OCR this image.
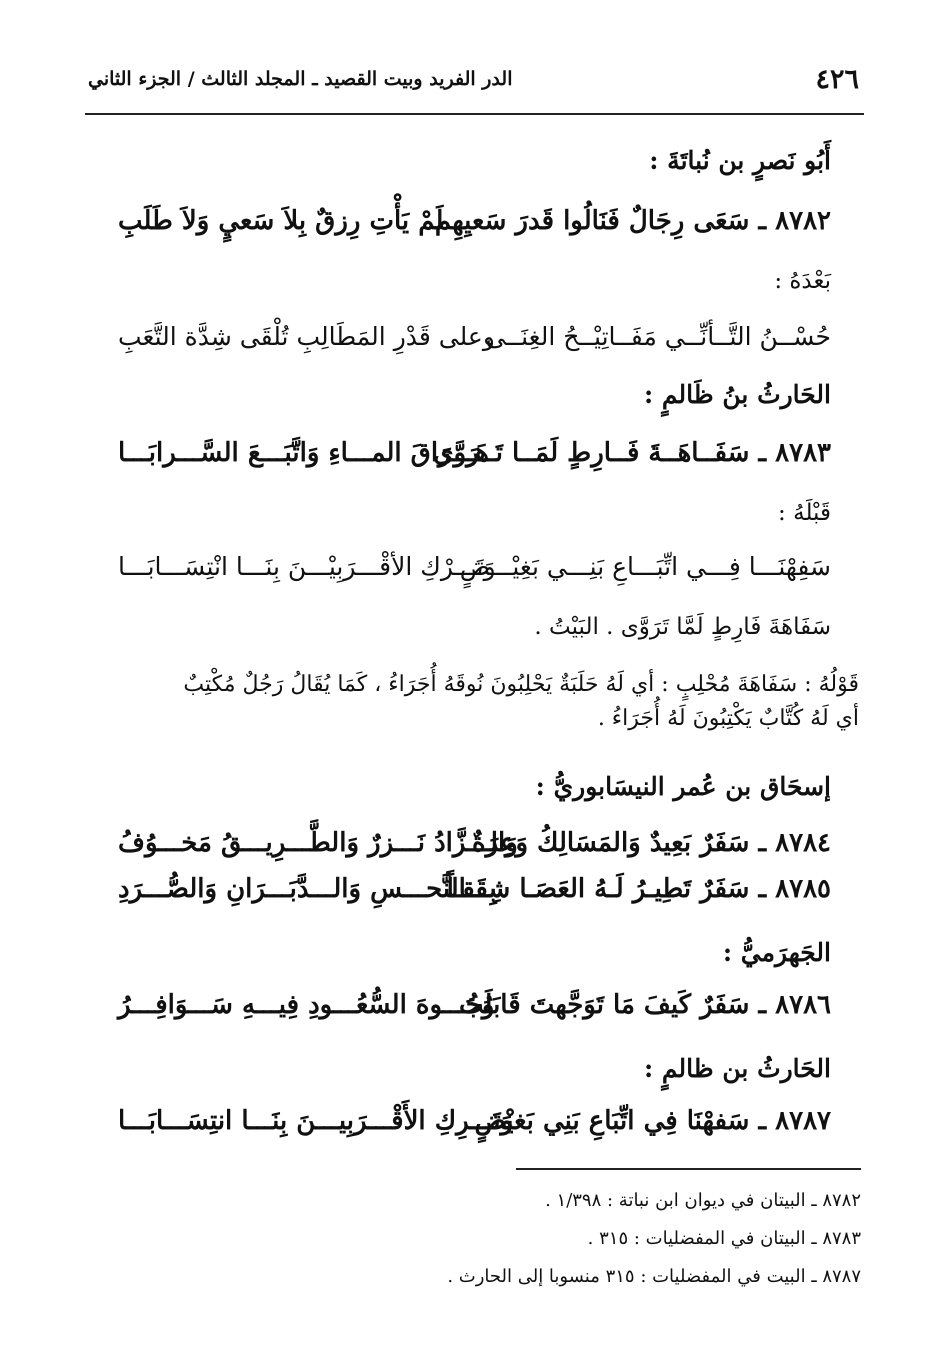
٤٢٦
الدر الفريد وبيت القصيد ـ المجلد الثالث / الجزء الثاني
أَبُو نَصرٍ بن نُباتَةَ :
٨٧٨٢ ـ سَعَى رِجَالٌ فَنَالُوا قَدرَ سَعيِهِم
لَمْ يَأْتِ رِزقٌ بِلاَ سَعيٍ وَلاَ طَلَبِ
بَعْدَهُ :
حُسْــنُ التَّــأنِّــي مَفَــاتِيْــحُ الغِنَــى
وعلى قَدْرِ المَطَالِبِ تُلْقَى شِدَّة التَّعَبِ
الحَارثُ بنُ ظَالمٍ :
٨٧٨٣ ـ سَفَــاهَــةَ فَــارِطٍ لَمَــا تَــرَوَّى
هَـــرَاقَ المـــاءِ وَاتَّبَـــعَ السَّـــرابَـــا
قَبْلَهُ :
سَفِهْنَـــا فِـــي اتِّبَـــاعِ بَنِـــي بَغِيْـــضٍ
وَتَـــرْكِ الأقْـــرَبِيْـــنَ بِنَـــا انْتِسَـــابَـــا
سَفَاهَةَ فَارِطٍ لَمَّا تَرَوَّى . البَيْتُ .
قَوْلُهُ : سَفَاهَةَ مُحْلِبٍ : أي لَهُ حَلَبَةٌ يَحْلِبُونَ نُوقَهُ أُجَرَاءُ ، كَمَا يُقَالُ رَجُلٌ مُكْتِبٌ
أي لَهُ كُتَّابٌ يَكْتِبُونَ لَهُ أُجَرَاءُ .
إسحَاق بن عُمر النيسَابوريُّ :
٨٧٨٤ ـ سَفَرٌ بَعِيدٌ وَالمَسَالِكُ وَعِرَةٌ
وَالـــزَّادُ نَـــزرٌ وَالطَّـــرِيـــقُ مَخـــوُفُ
٨٧٨٥ ـ سَفَرٌ تَطِيـرُ لَـهُ العَصَـا شِقَقـاً
بِـــالنَّحـــسِ وَالـــدَّبَـــرَانِ وَالصُّـــرَدِ
الجَهرَميُّ :
٨٧٨٦ ـ سَفَرٌ كَيفَ مَا تَوَجَّهتَ قَابَلَتَ
وُجُـــوهَ السُّعُـــودِ فِيـــهِ سَـــوَافِـــرُ
الحَارثُ بن ظالمٍ :
٨٧٨٧ ـ سَفهْنَا فِي اتِّبَاعِ بَنِي بَغيْضٍ
وَتَـــرِكِ الأَقْـــرَبِيـــنَ بِنَـــا انتِسَـــابَـــا
٨٧٨٢ ـ البيتان في ديوان ابن نباتة : ١/٣٩٨ .
٨٧٨٣ ـ البيتان في المفضليات : ٣١٥ .
٨٧٨٧ ـ البيت في المفضليات : ٣١٥ منسوبا إلى الحارث .
